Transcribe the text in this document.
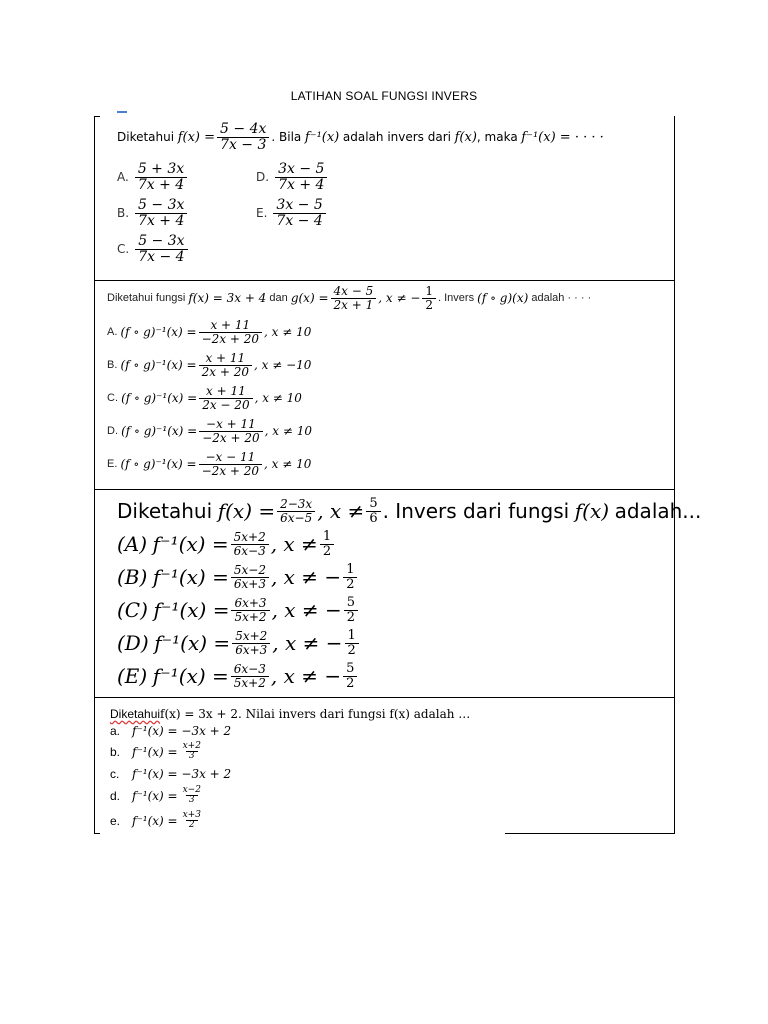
LATIHAN SOAL FUNGSI INVERS
Diketahui
$f(x) = \frac{5 - 4x}{7x - 3}$ . Bila
f⁻¹(x)
adalah invers dari
f(x) , maka
f⁻¹(x) = · · · ·
A. $\frac{5 + 3x}{7x + 4}$
B. $\frac{5 - 3x}{7x + 4}$
C. $\frac{5 - 3x}{7x - 4}$
D. $\frac{3x - 5}{7x + 4}$
E. $\frac{3x - 5}{7x - 4}$
Diketahui fungsi
f(x) = 3x + 4
dan
$g(x) = \frac{4x - 5}{2x + 1}$ , x ≠ − $\frac{1}{2}$ . Invers
(f ∘ g)(x)
adalah · · · ·
A.
(f ∘ $g)^{-1}(x) = \frac{x + 11}{-2x + 20}$ , x ≠ 10
B.
(f ∘ $g)^{-1}(x) = \frac{x + 11}{2x + 20}$ , x ≠ −10
C.
(f ∘ $g)^{-1}(x) = \frac{x + 11}{2x - 20}$ , x ≠ 10
D.
(f ∘ $g)^{-1}(x) = \frac{-x + 11}{-2x + 20}$ , x ≠ 10
E.
(f ∘ $g)^{-1}(x) = \frac{-x - 11}{-2x + 20}$ , x ≠ 10
Diketahui
$f(x) = \frac{2-3x}{6x-5}$ , $x \ne \frac{5}{6}$ . Invers dari fungsi
f(x)
adalah...
(A)
$f^{-1}(x) = \frac{5x+2}{6x-3}$ , $x \ne \frac{1}{2}$
(B)
$f^{-1}(x) = \frac{5x-2}{6x+3}$ , x ≠ − $\frac{1}{2}$
(C)
$f^{-1}(x) = \frac{6x+3}{5x+2}$ , x ≠ − $\frac{5}{2}$
(D)
$f^{-1}(x) = \frac{5x+2}{6x+3}$ , x ≠ − $\frac{1}{2}$
(E)
$f^{-1}(x) = \frac{6x-3}{5x+2}$ , x ≠ − $\frac{5}{2}$
Diketahui f(x) = 3x + 2. Nilai invers dari fungsi f(x) adalah …
a. f⁻¹(x) = −3x + 2
b. $f^{-1}(x) = \frac{x+2}{3}$
c.	f⁻¹(x) = −3x + 2
d. $f^{-1}(x) = \frac{x-2}{3}$
e. $f^{-1}(x) = \frac{x+3}{2}$
